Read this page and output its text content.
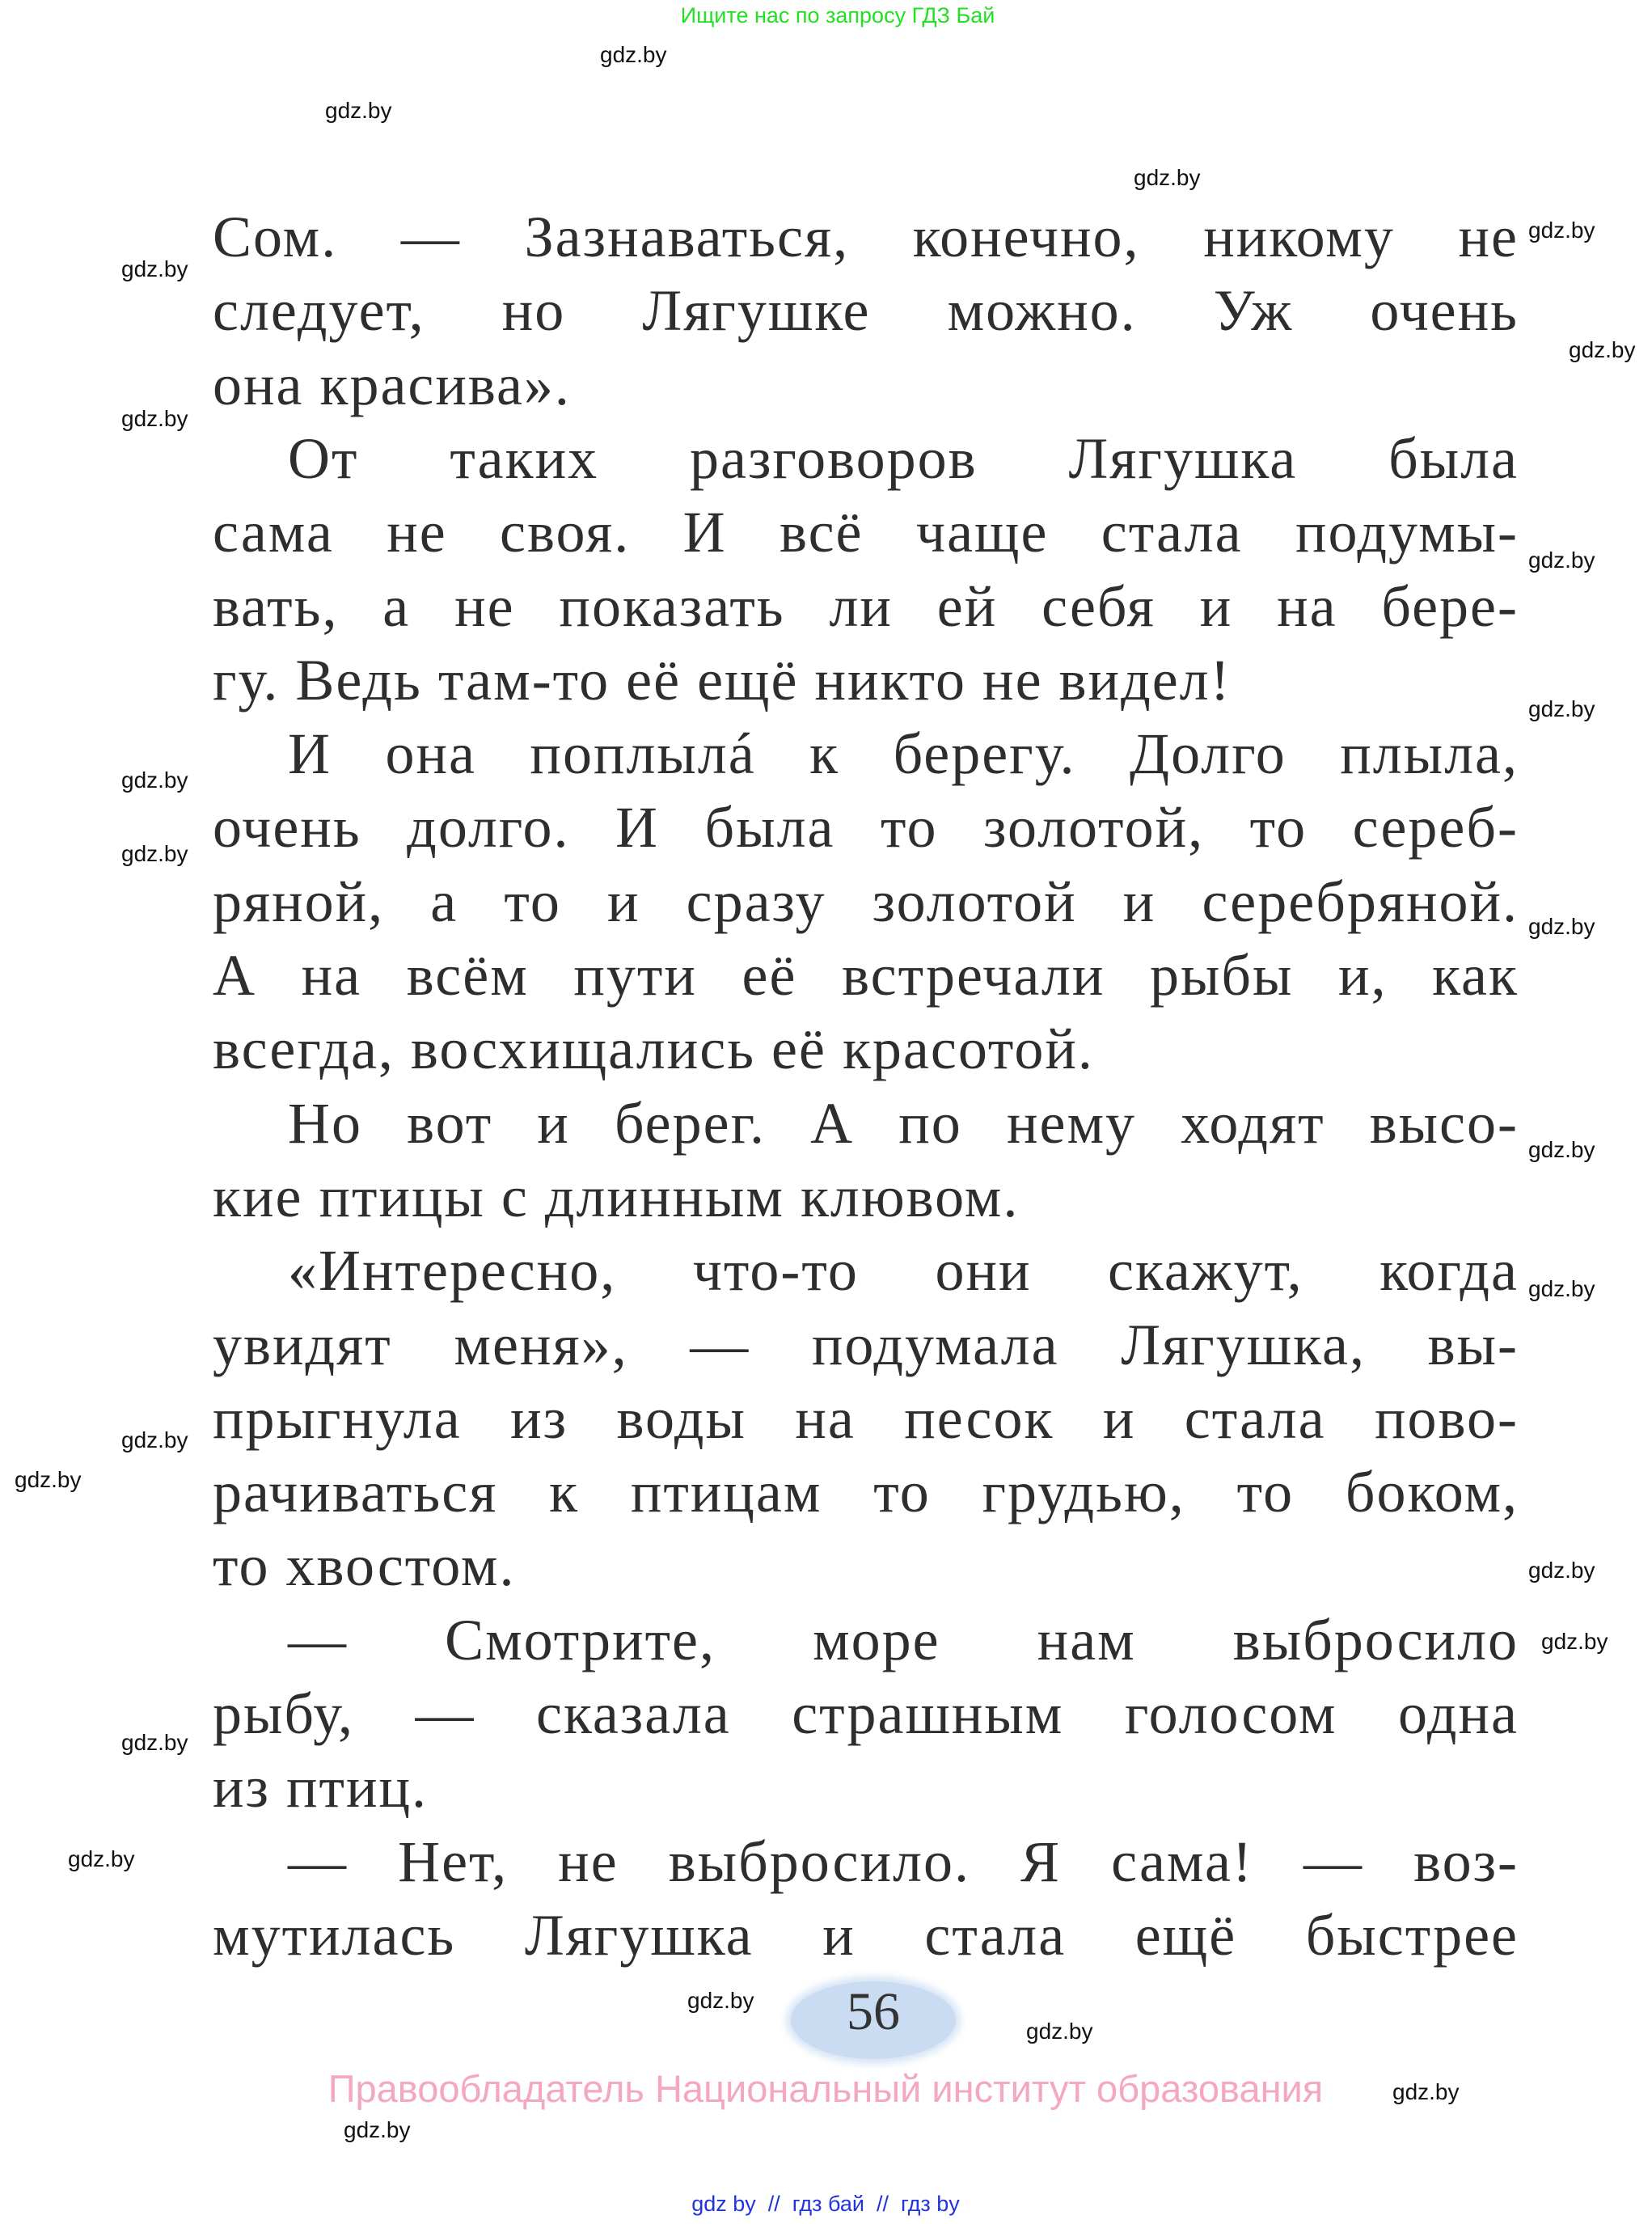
Ищите нас по запросу ГДЗ Бай
Сом. — Зазнаваться, конечно, никому не
следует, но Лягушке можно. Уж очень
она красива».
От таких разговоров Лягушка была
сама не своя. И всё чаще стала подумы-
вать, а не показать ли ей себя и на бере-
гу. Ведь там-то её ещё никто не видел!
И она поплылá к берегу. Долго плыла,
очень долго. И была то золотой, то сереб-
ряной, а то и сразу золотой и серебряной.
А на всём пути её встречали рыбы и, как
всегда, восхищались её красотой.
Но вот и берег. А по нему ходят высо-
кие птицы с длинным клювом.
«Интересно, что-то они скажут, когда
увидят меня», — подумала Лягушка, вы-
прыгнула из воды на песок и стала пово-
рачиваться к птицам то грудью, то боком,
то хвостом.
— Смотрите, море нам выбросило
рыбу, — сказала страшным голосом одна
из птиц.
— Нет, не выбросило. Я сама! — воз-
мутилась Лягушка и стала ещё быстрее
gdz.by
gdz.by
gdz.by
gdz.by
gdz.by
gdz.by
gdz.by
gdz.by
gdz.by
gdz.by
gdz.by
gdz.by
gdz.by
gdz.by
gdz.by
gdz.by
gdz.by
gdz.by
gdz.by
gdz.by
gdz.by
gdz.by
gdz.by
gdz.by
56
Правообладатель Национальный институт образования
gdz by  //  гдз бай  //  гдз by
